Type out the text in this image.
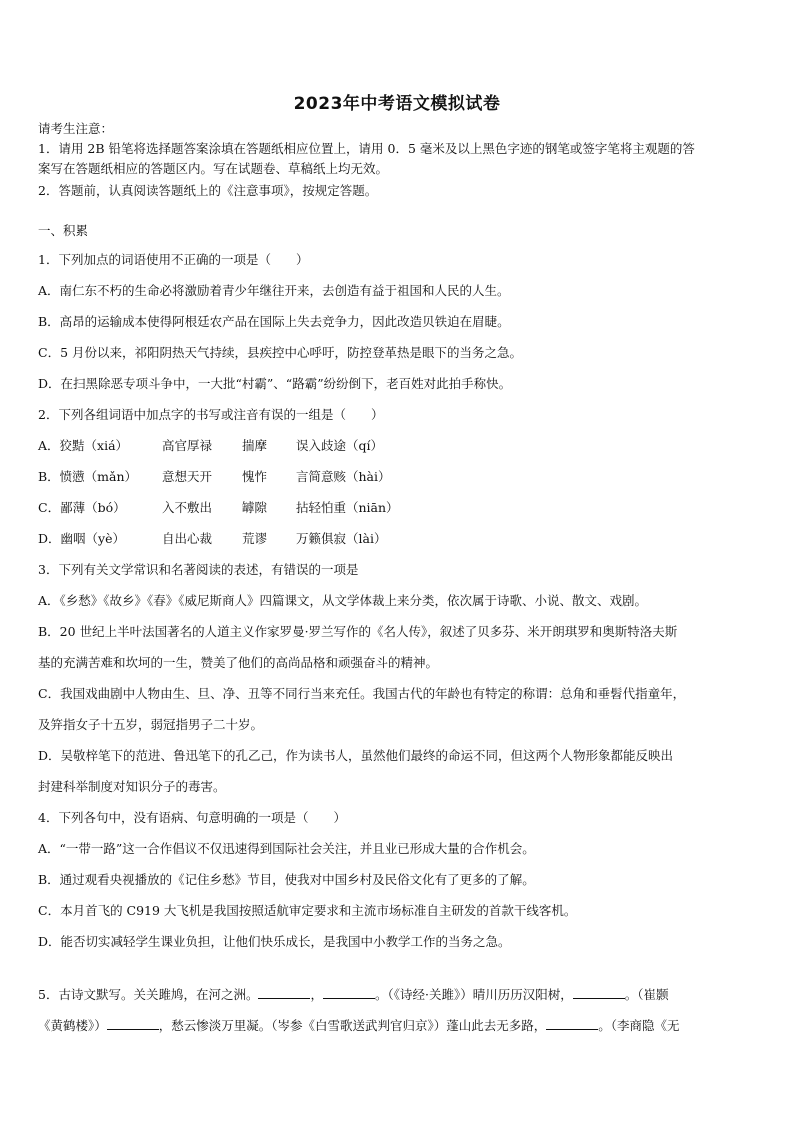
2023年中考语文模拟试卷
请考生注意：
1．请用 2B 铅笔将选择题答案涂填在答题纸相应位置上，请用 0．5 毫米及以上黑色字迹的钢笔或签字笔将主观题的答
案写在答题纸相应的答题区内。写在试题卷、草稿纸上均无效。
2．答题前，认真阅读答题纸上的《注意事项》，按规定答题。
一、积累
1．下列加点的词语使用不正确的一项是（　　）
A．南仁东不朽的生命必将激励着青少年继往开来，去创造有益于祖国和人民的人生。
B．高昂的运输成本使得阿根廷农产品在国际上失去竞争力，因此改造贝铁迫在眉睫。
C．5 月份以来，祁阳阴热天气持续，县疾控中心呼吁，防控登革热是眼下的当务之急。
D．在扫黑除恶专项斗争中，一大批“村霸”、“路霸”纷纷倒下，老百姓对此拍手称快。
2．下列各组词语中加点字的书写或注音有误的一组是（　　）
A．狡黠（xiá）	高官厚禄 揣摩 误入歧途（qí）
B．愤懑（mǎn） 意想天开 愧怍 言简意赅（hài）
C．鄙薄（bó）	入不敷出 罅隙 拈轻怕重（niān）
D．幽咽（yè）	自出心裁 荒谬 万籁俱寂（lài）
3．下列有关文学常识和名著阅读的表述，有错误的一项是
A．《乡愁》《故乡》《春》《威尼斯商人》四篇课文，从文学体裁上来分类，依次属于诗歌、小说、散文、戏剧。
B．20 世纪上半叶法国著名的人道主义作家罗曼·罗兰写作的《名人传》，叙述了贝多芬、米开朗琪罗和奥斯特洛夫斯
基的充满苦难和坎坷的一生，赞美了他们的高尚品格和顽强奋斗的精神。
C．我国戏曲剧中人物由生、旦、净、丑等不同行当来充任。我国古代的年龄也有特定的称谓：总角和垂髫代指童年，
及笄指女子十五岁，弱冠指男子二十岁。
D．吴敬梓笔下的范进、鲁迅笔下的孔乙己，作为读书人，虽然他们最终的命运不同，但这两个人物形象都能反映出
封建科举制度对知识分子的毒害。
4．下列各句中，没有语病、句意明确的一项是（　　）
A．“一带一路”这一合作倡议不仅迅速得到国际社会关注，并且业已形成大量的合作机会。
B．通过观看央视播放的《记住乡愁》节目，使我对中国乡村及民俗文化有了更多的了解。
C．本月首飞的 C919 大飞机是我国按照适航审定要求和主流市场标准自主研发的首款干线客机。
D．能否切实减轻学生课业负担，让他们快乐成长，是我国中小教学工作的当务之急。
5．古诗文默写。关关雎鸠，在河之洲。	，	。（《诗经·关雎》）晴川历历汉阳树，	。（崔颢
《黄鹤楼》）	，愁云惨淡万里凝。（岑参《白雪歌送武判官归京》）蓬山此去无多路，	。（李商隐《无
